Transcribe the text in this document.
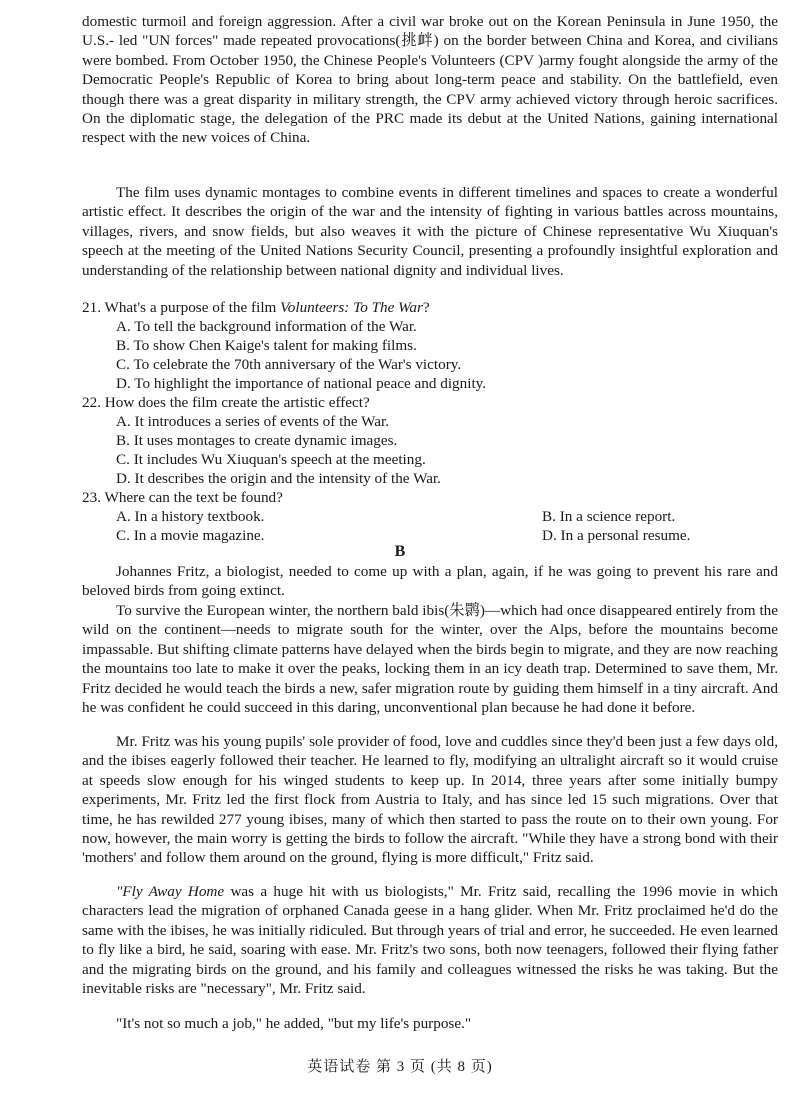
domestic turmoil and foreign aggression. After a civil war broke out on the Korean Peninsula in June 1950, the U.S.- led "UN forces" made repeated provocations(挑衅) on the border between China and Korea, and civilians were bombed. From October 1950, the Chinese People's Volunteers (CPV )army fought alongside the army of the Democratic People's Republic of Korea to bring about long-term peace and stability. On the battlefield, even though there was a great disparity in military strength, the CPV army achieved victory through heroic sacrifices. On the diplomatic stage, the delegation of the PRC made its debut at the United Nations, gaining international respect with the new voices of China.

The film uses dynamic montages to combine events in different timelines and spaces to create a wonderful artistic effect. It describes the origin of the war and the intensity of fighting in various battles across mountains, villages, rivers, and snow fields, but also weaves it with the picture of Chinese representative Wu Xiuquan's speech at the meeting of the United Nations Security Council, presenting a profoundly insightful exploration and understanding of the relationship between national dignity and individual lives.

21. What's a purpose of the film Volunteers: To The War?

A. To tell the background information of the War.

B. To show Chen Kaige's talent for making films.

C. To celebrate the 70th anniversary of the War's victory.

D. To highlight the importance of national peace and dignity.

22. How does the film create the artistic effect?

A. It introduces a series of events of the War.

B. It uses montages to create dynamic images.

C. It includes Wu Xiuquan's speech at the meeting.

D. It describes the origin and the intensity of the War.

23. Where can the text be found?

A. In a history textbook.	B. In a science report.

C. In a movie magazine.	D. In a personal resume.

B

Johannes Fritz, a biologist, needed to come up with a plan, again, if he was going to prevent his rare and beloved birds from going extinct.

To survive the European winter, the northern bald ibis(朱鹮)—which had once disappeared entirely from the wild on the continent—needs to migrate south for the winter, over the Alps, before the mountains become impassable. But shifting climate patterns have delayed when the birds begin to migrate, and they are now reaching the mountains too late to make it over the peaks, locking them in an icy death trap. Determined to save them, Mr. Fritz decided he would teach the birds a new, safer migration route by guiding them himself in a tiny aircraft. And he was confident he could succeed in this daring, unconventional plan because he had done it before.

Mr. Fritz was his young pupils' sole provider of food, love and cuddles since they'd been just a few days old, and the ibises eagerly followed their teacher. He learned to fly, modifying an ultralight aircraft so it would cruise at speeds slow enough for his winged students to keep up. In 2014, three years after some initially bumpy experiments, Mr. Fritz led the first flock from Austria to Italy, and has since led 15 such migrations. Over that time, he has rewilded 277 young ibises, many of which then started to pass the route on to their own young. For now, however, the main worry is getting the birds to follow the aircraft. "While they have a strong bond with their 'mothers' and follow them around on the ground, flying is more difficult," Fritz said.

"Fly Away Home was a huge hit with us biologists," Mr. Fritz said, recalling the 1996 movie in which characters lead the migration of orphaned Canada geese in a hang glider. When Mr. Fritz proclaimed he'd do the same with the ibises, he was initially ridiculed. But through years of trial and error, he succeeded. He even learned to fly like a bird, he said, soaring with ease. Mr. Fritz's two sons, both now teenagers, followed their flying father and the migrating birds on the ground, and his family and colleagues witnessed the risks he was taking. But the inevitable risks are "necessary", Mr. Fritz said.

"It's not so much a job," he added, "but my life's purpose."

英语试卷 第 3 页 (共 8 页)
